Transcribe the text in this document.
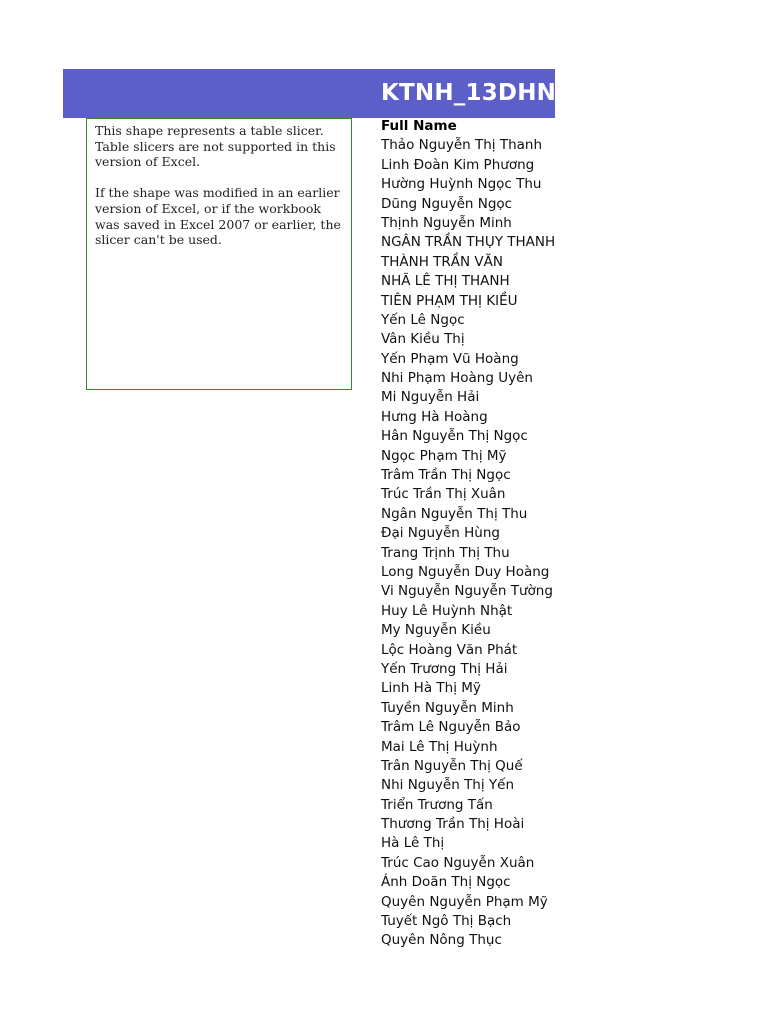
KTNH_13DHNH

This shape represents a table slicer. Table slicers are not supported in this version of Excel.

If the shape was modified in an earlier version of Excel, or if the workbook was saved in Excel 2007 or earlier, the slicer can't be used.

Full Name
Thảo Nguyễn Thị Thanh
Linh Đoàn Kim Phương
Hường Huỳnh Ngọc Thu
Dũng Nguyễn Ngọc
Thịnh Nguyễn Minh
NGÂN TRẦN THỤY THANH
THÀNH TRẦN VĂN
NHÃ LÊ THỊ THANH
TIÊN PHẠM THỊ KIỀU
Yến Lê Ngọc
Vân Kiều Thị
Yến Phạm Vũ Hoàng
Nhi Phạm Hoàng Uyên
Mi Nguyễn Hải
Hưng Hà Hoàng
Hân Nguyễn Thị Ngọc
Ngọc Phạm Thị Mỹ
Trâm Trần Thị Ngọc
Trúc Trần Thị Xuân
Ngân Nguyễn Thị Thu
Đại Nguyễn Hùng
Trang Trịnh Thị Thu
Long Nguyễn Duy Hoàng
Vi Nguyễn Nguyễn Tường
Huy Lê Huỳnh Nhật
My Nguyễn Kiều
Lộc Hoàng Văn Phát
Yến Trương Thị Hải
Linh Hà Thị Mỹ
Tuyền Nguyễn Minh
Trâm Lê Nguyễn Bảo
Mai Lê Thị Huỳnh
Trân Nguyễn Thị Quế
Nhi Nguyễn Thị Yến
Triển Trương Tấn
Thương Trần Thị Hoài
Hà Lê Thị
Trúc Cao Nguyễn Xuân
Ánh Doãn Thị Ngọc
Quyên Nguyễn Phạm Mỹ
Tuyết Ngô Thị Bạch
Quyên Nông Thục
